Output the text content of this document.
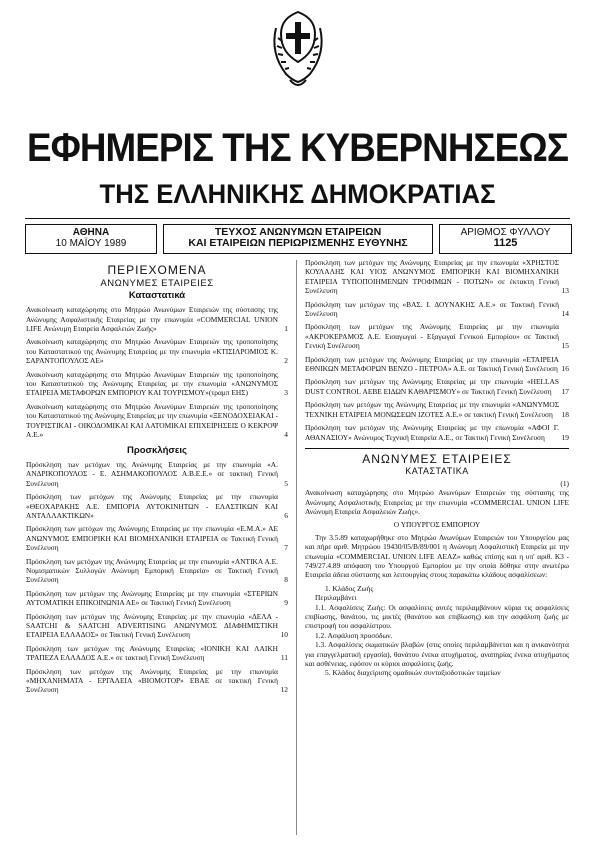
ΕΦΗΜΕΡΙΣ ΤΗΣ ΚΥΒΕΡΝΗΣΕΩΣ
ΤΗΣ ΕΛΛΗΝΙΚΗΣ ΔΗΜΟΚΡΑΤΙΑΣ
ΑΘΗΝΑ
10 ΜΑΪΟΥ 1989
ΤΕΥΧΟΣ ΑΝΩΝΥΜΩΝ ΕΤΑΙΡΕΙΩΝ
ΚΑΙ ΕΤΑΙΡΕΙΩΝ ΠΕΡΙΩΡΙΣΜΕΝΗΣ ΕΥΘΥΝΗΣ
ΑΡΙΘΜΟΣ ΦΥΛΛΟΥ
1125
ΠΕΡΙΕΧΟΜΕΝΑ
ΑΝΩΝΥΜΕΣ ΕΤΑΙΡΕΙΕΣ
Καταστατικά

Ανακοίνωση καταχώρησης στο Μητρώο Ανωνύμων Εταιρειών της σύστασης της Ανώνυμης Ασφαλιστικής Εταιρείας με την επωνυμία «COMMERCIAL UNION LIFE Ανώνυμη Εταιρεία Ασφαλειών Ζωής»	1

Ανακοίνωση καταχώρησης στο Μητρώο Ανωνύμων Εταιρειών της τροποποίησης του Καταστατικού της Ανώνυμης Εταιρείας με την επωνυμία «ΚΤΙΣΙΛΡΟΜΙΟΣ Κ. ΣΑΡΑΝΤΟΠΟΥΛΟΣ ΑΕ»	2

Ανακοίνωση καταχώρησης στο Μητρώο Ανωνύμων Εταιρειών της τροποποίησης του Καταστατικού της Ανώνυμης Εταιρείας με την επωνυμία «ΑΝΩΝΥΜΟΣ ΕΤΑΙΡΕΙΑ ΜΕΤΑΦΟΡΩΝ ΕΜΠΟΡΙΟΥ ΚΑΙ ΤΟΥΡΙΣΜΟΥ»(τραμπ ΕΗΣ)	3

Ανακοίνωση καταχώρησης στο Μητρώο Ανωνύμων Εταιρειών της τροποποίησης του Καταστατικού της Ανώνυμης Εταιρείας με την επωνυμία «ΞΕΝΟΔΟΧΕΙΑΚΑΙ - ΤΟΥΡΙΣΤΙΚΑΙ - ΟΙΚΟΔΟΜΙΚΑΙ ΚΑΙ ΛΑΤΟΜΙΚΑΙ ΕΠΙΧΕΙΡΗΣΕΙΣ Ο ΚΕΚΡΟΨ Α.Ε.»	4

Προσκλήσεις

Πρόσκληση των μετόχων της Ανώνυμης Εταιρείας με την επωνυμία «Α. ΑΝΔΡΙΚΟΠΟΥΛΟΣ - Ε. ΑΣΗΜΑΚΟΠΟΥΛΟΣ Α.Β.Ε.Ε.» σε τακτική Γενική Συνέλευση	5

Πρόσκληση των μετόχων της Ανώνυμης Εταιρείας με την επωνυμία «ΘΕΟΧΑΡΑΚΗΣ Α.Ε. ΕΜΠΟΡΙΑ ΑΥΤΟΚΙΝΗΤΩΝ - ΕΛΑΣΤΙΚΩΝ ΚΑΙ ΑΝΤΑΛΛΑΚΤΙΚΩΝ»	6

Πρόσκληση των μετόχων της Ανώνυμης Εταιρείας με την επωνυμία «Ε.Μ.Α.» ΑΕ ΑΝΩΝΥΜΟΣ ΕΜΠΟΡΙΚΗ ΚΑΙ ΒΙΟΜΗΧΑΝΙΚΗ ΕΤΑΙΡΕΙΑ σε Τακτική Γενική Συνέλευση	7

Πρόσκληση των μετόχων της Ανώνυμης Εταιρείας με την επωνυμία «ΑΝΤΙΚΑ Α.Ε. Νομισματικών Συλλογών Ανώνυμη Εμπορική Εταιρεία» σε Τακτική Γενική Συνέλευση	8

Πρόσκληση των μετόχων της Ανώνυμης Εταιρείας με την επωνυμία «ΣΤΕΡΙΩΝ ΑΥΤΟΜΑΤΙΚΗ ΕΠΙΚΟΙΝΩΝΙΑ ΑΕ» σε Τακτική Γενική Συνέλευση	9

Πρόσκληση των μετόχων της Ανώνυμης Εταιρείας με την επωνυμία «ΔΕΛΑ - SAATCHI & SAATCHI ADVERTISING ΑΝΩΝΥΜΟΣ ΔΙΑΦΗΜΙΣΤΙΚΗ ΕΤΑΙΡΕΙΑ ΕΛΛΑΔΟΣ» σε Τακτική Γενική Συνέλευση	10

Πρόσκληση των μετόχων της Ανώνυμης Εταιρείας «ΙΟΝΙΚΗ ΚΑΙ ΛΑΙΚΗ ΤΡΑΠΕΖΑ ΕΛΛΑΔΟΣ Α.Ε.» σε τακτική Γενική Συνέλευση	11

Πρόσκληση των μετόχων της Ανώνυμης Εταιρείας με την επωνυμία «ΜΗΧΑΝΗΜΑΤΑ - ΕΡΓΑΛΕΙΑ «ΒΙΟΜΟΤΟΡ» ΕΒΑΕ σε τακτική Γενική Συνέλευση	12

Πρόσκληση των μετόχων της Ανώνυμης Εταιρείας με την επωνυμία «ΧΡΗΣΤΟΣ ΚΟΥΛΑΛΗΣ ΚΑΙ ΥΙΟΣ ΑΝΩΝΥΜΟΣ ΕΜΠΟΡΙΚΗ ΚΑΙ ΒΙΟΜΗΧΑΝΙΚΗ ΕΤΑΙΡΕΙΑ ΤΥΠΟΠΟΙΗΜΕΝΩΝ ΤΡΟΦΙΜΩΝ - ΠΟΤΩΝ» σε έκτακτη Γενική Συνέλευση	13

Πρόσκληση των μετόχων της «ΒΑΣ. Ι. ΔΟΥΝΑΚΗΣ Α.Ε.» σε Τακτική Γενική Συνέλευση	14

Πρόσκληση των μετόχων της Ανώνυμης Εταιρείας με την επωνυμία «ΑΚΡΟΚΕΡΑΜΟΣ Α.Ε. Εισαγωγαί - Εξαγωγαί Γενικού Εμπορίου» σε Τακτική Γενική Συνέλευση	15

Πρόσκληση των μετόχων της Ανώνυμης Εταιρείας με την επωνυμία «ΕΤΑΙΡΕΙΑ ΕΘΝΙΚΩΝ ΜΕΤΑΦΟΡΩΝ ΒΕΝΖΟ - ΠΕΤΡΟΑ» Α.Ε. σε Τακτική Γενική Συνέλευση 16

Πρόσκληση των μετόχων της Ανώνυμης Εταιρείας με την επωνυμία «HELLAS DUST CONTROL ΑΕΒΕ ΕΙΔΩΝ ΚΑΘΑΡΙΣΜΟΥ» σε Τακτική Γενική Συνέλευση 17

Πρόσκληση των μετόχων της Ανώνυμης Εταιρείας με την επωνυμία «ΑΝΩΝΥΜΟΣ ΤΕΧΝΙΚΗ ΕΤΑΙΡΕΙΑ ΜΟΝΩΣΕΩΝ ΙΖΟΤΕΣ Α.Ε.» σε τακτική Γενική Συνέλευση 18

Πρόσκληση των μετόχων της Ανώνυμης Εταιρείας με την επωνυμία «ΑΦΟΙ Γ. ΑΘΑΝΑΣΙΟΥ» Ανώνυμος Τεχνική Εταιρεία Α.Ε., σε Τακτική Γενική Συνέλευση 19

ΑΝΩΝΥΜΕΣ ΕΤΑΙΡΕΙΕΣ
ΚΑΤΑΣΤΑΤΙΚΑ
(1)

Ανακοίνωση καταχώρησης στο Μητρώο Ανωνύμων Εταιρειών της σύστασης της Ανώνυμης Ασφαλιστικής Εταιρείας με την επωνυμία «COMMERCIAL UNION LIFE Ανώνυμη Εταιρεία Ασφαλειών Ζωής».

Ο ΥΠΟΥΡΓΟΣ ΕΜΠΟΡΙΟΥ

Την 3.5.89 καταχωρήθηκε στο Μητρώο Ανωνύμων Εταιρειών του Υπουργείου μας και πήρε αριθ. Μητρώου 19430/05/Β/89/001 η Ανώνυμη Ασφαλιστική Εταιρεία με την επωνυμία «COMMERCIAL UNION LIFE ΑΕΑΖ» καθώς επίσης και η υπ' αριθ. Κ3 - 749/27.4.89 απόφαση του Υπουργού Εμπορίου με την οποία δόθηκε στην ανωτέρω Εταιρεία άδεια σύστασης και λειτουργίας στους παρακάτω κλάδους ασφαλίσεων:

1. Κλάδος Ζωής

Περιλαμβάνει

1.1. Ασφαλίσεις Ζωής: Οι ασφαλίσεις αυτές περιλαμβάνουν κύρια τις ασφαλίσεις επιβίωσης, θανάτου, τις μικτές (θανάτου και επιβίωσης) και την ασφάλιση ζωής με επιστροφή του ασφαλίστρου.

1.2. Ασφάλιση προσόδων.

1.3. Ασφαλίσεις σωματικών βλαβών (στις οποίες περιλαμβάνεται και η ανικανότητα για επαγγελματική εργασία), θανάτου ένεκα ατυχήματος, αναπηρίας ένεκα ατυχήματος και ασθένειας, εφόσον οι κύριοι ασφαλίσεις ζωής.

5. Κλάδος διαχείρισης ομαδικών συνταξιοδοτικών ταμείων
